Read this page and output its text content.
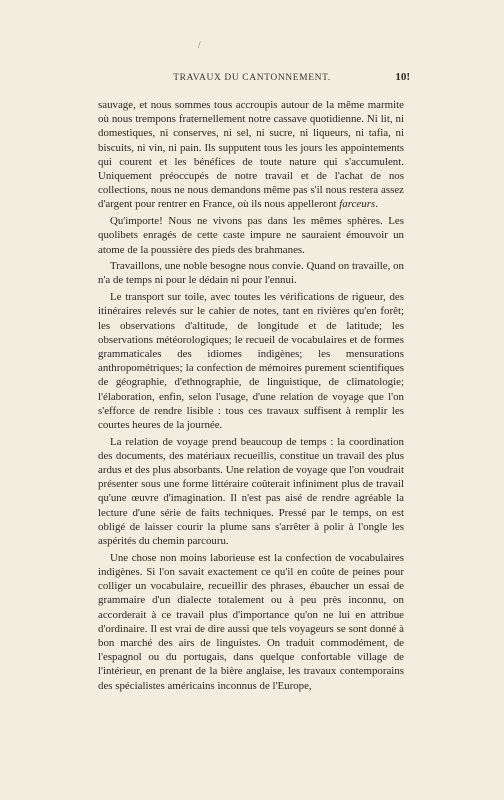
/
TRAVAUX DU CANTONNEMENT.	10!

sauvage, et nous sommes tous accroupis autour de la même marmite où nous trempons fraternellement notre cassave quotidienne. Ni lit, ni domestiques, ni conserves, ni sel, ni sucre, ni liqueurs, ni tafia, ni biscuits, ni vin, ni pain. Ils supputent tous les jours les appointements qui courent et les bénéfices de toute nature qui s'accumulent. Uniquement préoccupés de notre travail et de l'achat de nos collections, nous ne nous demandons même pas s'il nous restera assez d'argent pour rentrer en France, où ils nous appelleront farceurs.

Qu'importe! Nous ne vivons pas dans les mêmes sphères. Les quolibets enragés de cette caste impure ne sauraient émouvoir un atome de la poussière des pieds des brahmanes.

Travaillons, une noble besogne nous convie. Quand on travaille, on n'a de temps ni pour le dédain ni pour l'ennui.

Le transport sur toile, avec toutes les vérifications de rigueur, des itinéraires relevés sur le cahier de notes, tant en rivières qu'en forêt; les observations d'altitude, de longitude et de latitude; les observations météorologiques; le recueil de vocabulaires et de formes grammaticales des idiomes indigènes; les mensurations anthropométriques; la confection de mémoires purement scientifiques de géographie, d'ethnographie, de linguistique, de climatologie; l'élaboration, enfin, selon l'usage, d'une relation de voyage que l'on s'efforce de rendre lisible : tous ces travaux suffisent à remplir les courtes heures de la journée.

La relation de voyage prend beaucoup de temps : la coordination des documents, des matériaux recueillis, constitue un travail des plus ardus et des plus absorbants. Une relation de voyage que l'on voudrait présenter sous une forme littéraire coûterait infiniment plus de travail qu'une œuvre d'imagination. Il n'est pas aisé de rendre agréable la lecture d'une série de faits techniques. Pressé par le temps, on est obligé de laisser courir la plume sans s'arrêter à polir à l'ongle les aspérités du chemin parcouru.

Une chose non moins laborieuse est la confection de vocabulaires indigènes. Si l'on savait exactement ce qu'il en coûte de peines pour colliger un vocabulaire, recueillir des phrases, ébaucher un essai de grammaire d'un dialecte totalement ou à peu près inconnu, on accorderait à ce travail plus d'importance qu'on ne lui en attribue d'ordinaire. Il est vrai de dire aussi que tels voyageurs se sont donné à bon marché des airs de linguistes. On traduit commodément, de l'espagnol ou du portugais, dans quelque confortable village de l'intérieur, en prenant de la bière anglaise, les travaux contemporains des spécialistes américains inconnus de l'Europe,
